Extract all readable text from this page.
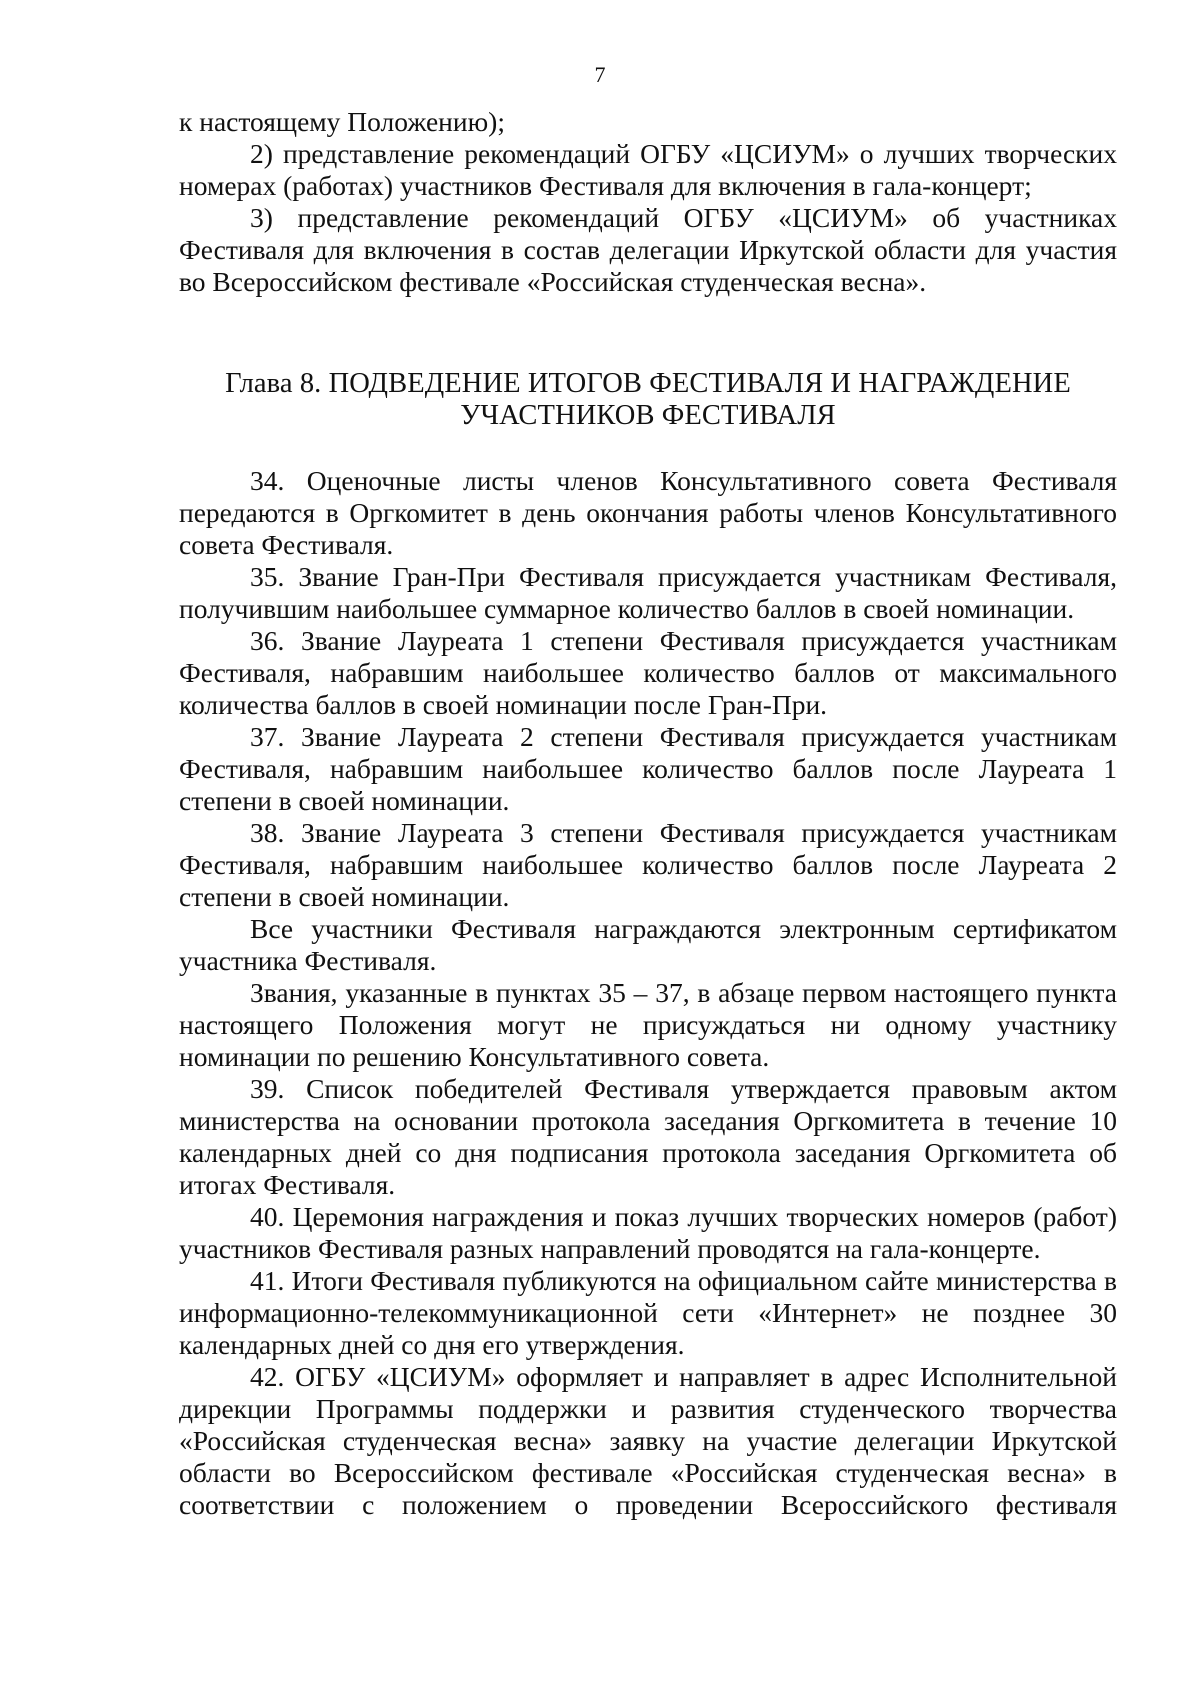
7

к настоящему Положению);

2) представление рекомендаций ОГБУ «ЦСИУМ» о лучших творческих номерах (работах) участников Фестиваля для включения в гала-концерт;

3) представление рекомендаций ОГБУ «ЦСИУМ» об участниках Фестиваля для включения в состав делегации Иркутской области для участия во Всероссийском фестивале «Российская студенческая весна».

Глава 8. ПОДВЕДЕНИЕ ИТОГОВ ФЕСТИВАЛЯ И НАГРАЖДЕНИЕ
УЧАСТНИКОВ ФЕСТИВАЛЯ

34. Оценочные листы членов Консультативного совета Фестиваля передаются в Оргкомитет в день окончания работы членов Консультативного совета Фестиваля.

35. Звание Гран-При Фестиваля присуждается участникам Фестиваля, получившим наибольшее суммарное количество баллов в своей номинации.

36. Звание Лауреата 1 степени Фестиваля присуждается участникам Фестиваля, набравшим наибольшее количество баллов от максимального количества баллов в своей номинации после Гран-При.

37. Звание Лауреата 2 степени Фестиваля присуждается участникам Фестиваля, набравшим наибольшее количество баллов после Лауреата 1 степени в своей номинации.

38. Звание Лауреата 3 степени Фестиваля присуждается участникам Фестиваля, набравшим наибольшее количество баллов после Лауреата 2 степени в своей номинации.

Все участники Фестиваля награждаются электронным сертификатом участника Фестиваля.

Звания, указанные в пунктах 35 – 37, в абзаце первом настоящего пункта настоящего Положения могут не присуждаться ни одному участнику номинации по решению Консультативного совета.

39. Список победителей Фестиваля утверждается правовым актом министерства на основании протокола заседания Оргкомитета в течение 10 календарных дней со дня подписания протокола заседания Оргкомитета об итогах Фестиваля.

40. Церемония награждения и показ лучших творческих номеров (работ) участников Фестиваля разных направлений проводятся на гала-концерте.

41. Итоги Фестиваля публикуются на официальном сайте министерства в информационно-телекоммуникационной сети «Интернет» не позднее 30 календарных дней со дня его утверждения.

42. ОГБУ «ЦСИУМ» оформляет и направляет в адрес Исполнительной дирекции Программы поддержки и развития студенческого творчества «Российская студенческая весна» заявку на участие делегации Иркутской области во Всероссийском фестивале «Российская студенческая весна» в соответствии с положением о проведении Всероссийского фестиваля
